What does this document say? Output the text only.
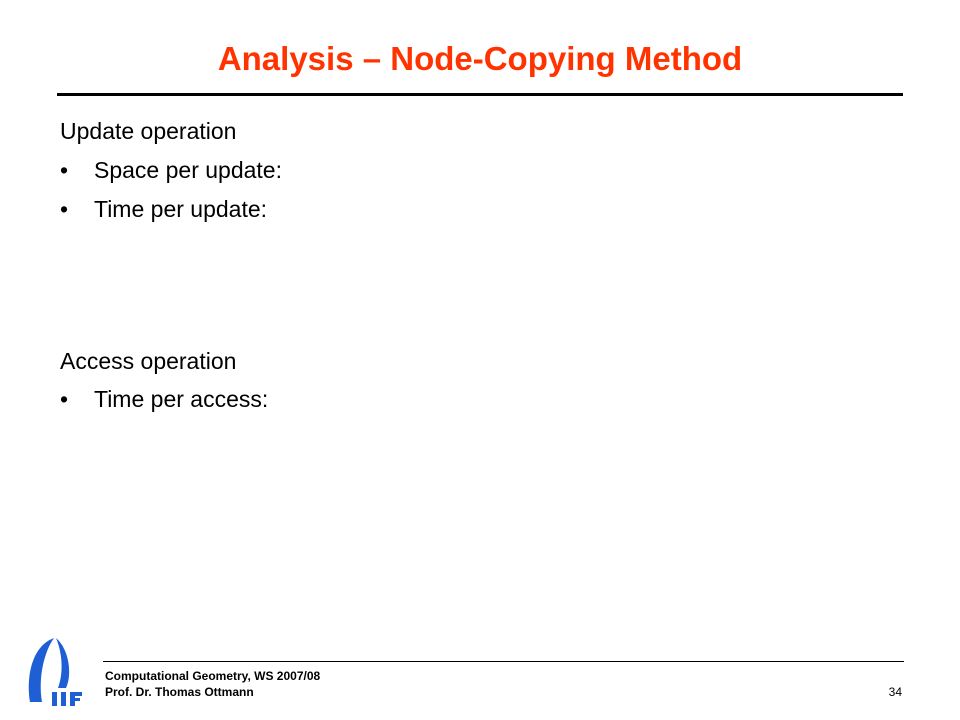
Analysis – Node-Copying Method
Update operation
• Space per update:
• Time per update:
Access operation
• Time per access:
Computational Geometry, WS 2007/08
Prof. Dr. Thomas Ottmann	34
